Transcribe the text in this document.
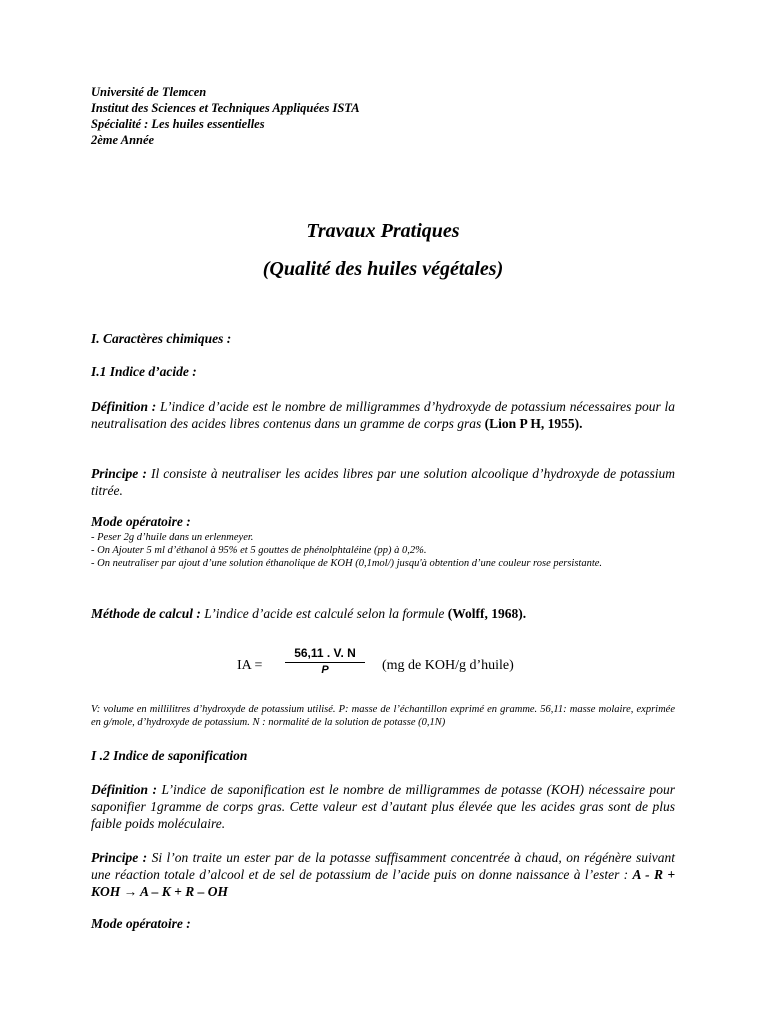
Université de Tlemcen
Institut des Sciences et Techniques Appliquées ISTA
Spécialité : Les huiles essentielles
2ème Année
Travaux Pratiques
(Qualité des huiles végétales)
I. Caractères chimiques :
I.1 Indice d’acide :
Définition : L’indice d’acide est le nombre de milligrammes d’hydroxyde de potassium nécessaires pour la neutralisation des acides libres contenus dans un gramme de corps gras (Lion P H, 1955).
Principe : Il consiste à neutraliser les acides libres par une solution alcoolique d’hydroxyde de potassium titrée.
Mode opératoire :
- Peser 2g d’huile dans un erlenmeyer.
- On Ajouter 5 ml d’éthanol à 95% et 5 gouttes de phénolphtaléine (pp) à 0,2%.
- On neutraliser par ajout d’une solution éthanolique de KOH (0,1mol/) jusqu'à obtention d’une couleur rose persistante.
Méthode de calcul : L’indice d’acide est calculé selon la formule (Wolff, 1968).
IA = $\frac{56,11 . V. N}{P} (mg$ de KOH/g d’huile)
V: volume en millilitres d’hydroxyde de potassium utilisé. P: masse de l’échantillon exprimé en gramme. 56,11: masse molaire, exprimée en g/mole, d’hydroxyde de potassium. N : normalité de la solution de potasse (0,1N)
I .2 Indice de saponification
Définition : L’indice de saponification est le nombre de milligrammes de potasse (KOH) nécessaire pour saponifier 1gramme de corps gras. Cette valeur est d’autant plus élevée que les acides gras sont de plus faible poids moléculaire.
Principe : Si l’on traite un ester par de la potasse suffisamment concentrée à chaud, on régénère suivant une réaction totale d’alcool et de sel de potassium de l’acide puis on donne naissance à l’ester : A - R + KOH → A – K + R – OH
Mode opératoire :
